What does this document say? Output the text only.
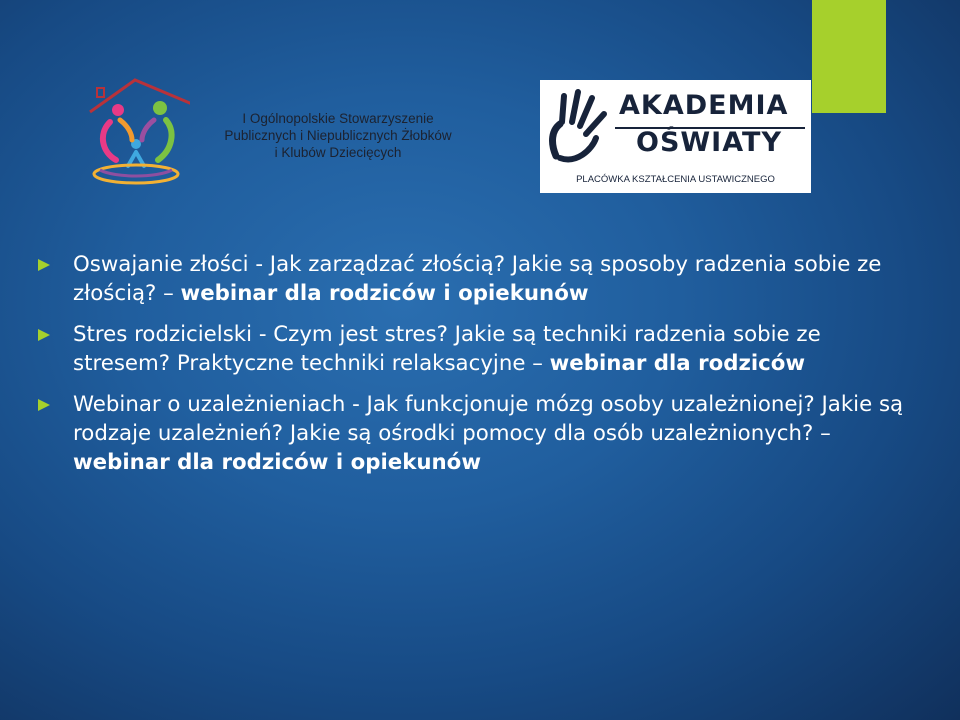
I Ogólnopolskie Stowarzyszenie
Publicznych i Niepublicznych Żłobków
i Klubów Dziecięcych
AKADEMIA
OŚWIATY
PLACÓWKA KSZTAŁCENIA USTAWICZNEGO
Oswajanie złości - Jak zarządzać złością? Jakie są sposoby radzenia sobie ze złością? – webinar dla rodziców i opiekunów
Stres rodzicielski - Czym jest stres? Jakie są techniki radzenia sobie ze stresem? Praktyczne techniki relaksacyjne – webinar dla rodziców
Webinar o uzależnieniach - Jak funkcjonuje mózg osoby uzależnionej? Jakie są rodzaje uzależnień? Jakie są ośrodki pomocy dla osób uzależnionych? – webinar dla rodziców i opiekunów
